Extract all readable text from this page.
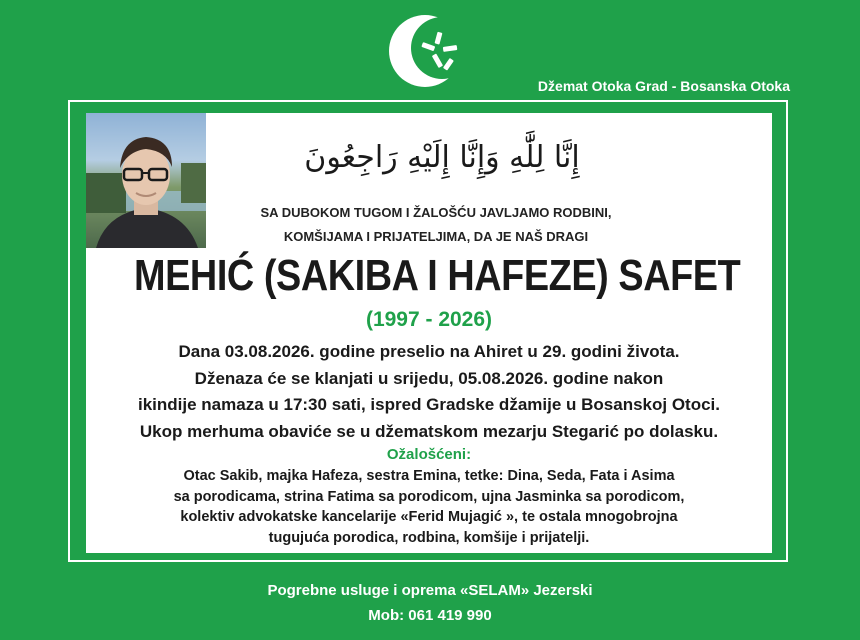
Džemat Otoka Grad - Bosanska Otoka
إِنَّا لِلَّٰهِ وَإِنَّا إِلَيْهِ رَاجِعُونَ
SA DUBOKOM TUGOM I ŽALOŠĆU JAVLJAMO RODBINI,
KOMŠIJAMA I PRIJATELJIMA, DA JE NAŠ DRAGI
MEHIĆ (SAKIBA I HAFEZE) SAFET
(1997 - 2026)
Dana 03.08.2026. godine preselio na Ahiret u 29. godini života.
Dženaza će se klanjati u srijedu, 05.08.2026. godine nakon
ikindije namaza u 17:30 sati, ispred Gradske džamije u Bosanskoj Otoci.
Ukop merhuma obaviće se u džematskom mezarju Stegarić po dolasku.
Ožalošćeni:
Otac Sakib, majka Hafeza, sestra Emina, tetke: Dina, Seda, Fata i Asima
sa porodicama, strina Fatima sa porodicom, ujna Jasminka sa porodicom,
kolektiv advokatske kancelarije «Ferid Mujagić », te ostala mnogobrojna
tugujuća porodica, rodbina, komšije i prijatelji.
Pogrebne usluge i oprema «SELAM» Jezerski
Mob: 061 419 990
